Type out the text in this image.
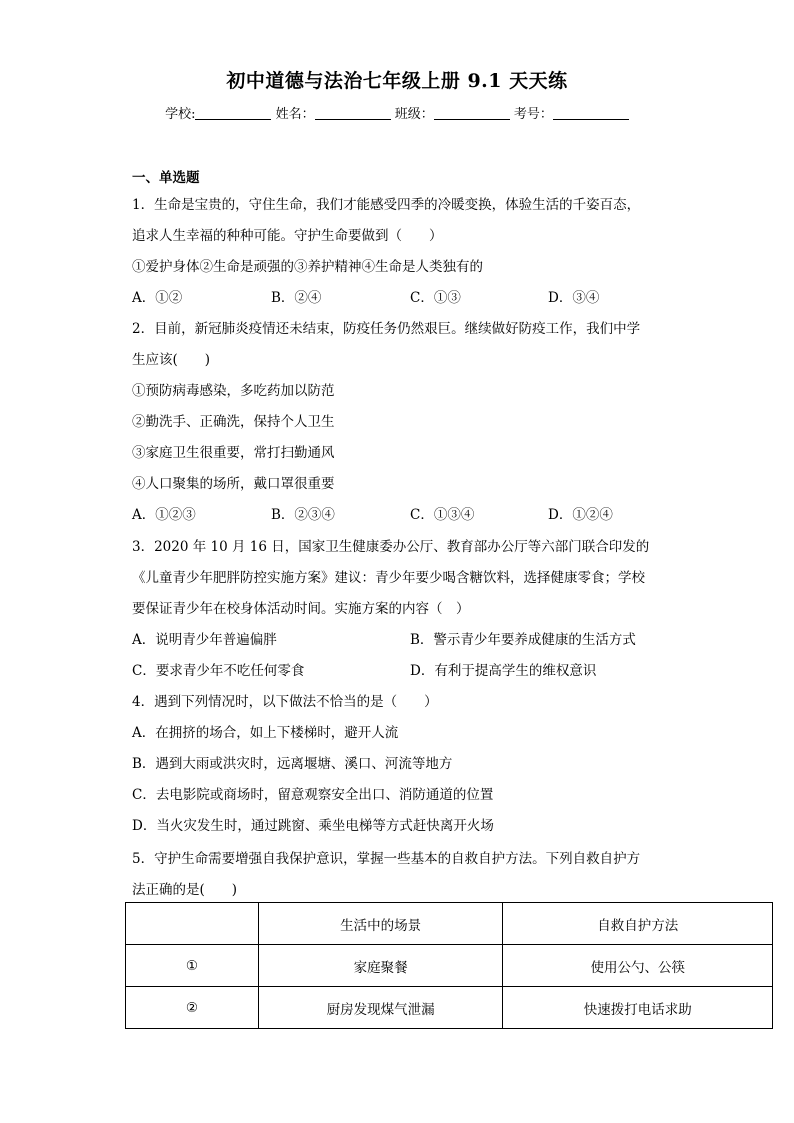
初中道德与法治七年级上册 9.1 天天练
学校:	姓名：	班级：	考号：
一、单选题
1．生命是宝贵的，守住生命，我们才能感受四季的冷暖变换，体验生活的千姿百态，
追求人生幸福的种种可能。守护生命要做到（　　）
①爱护身体②生命是顽强的③养护精神④生命是人类独有的
A．①②	B．②④	C．①③	D．③④
2．目前，新冠肺炎疫情还未结束，防疫任务仍然艰巨。继续做好防疫工作，我们中学
生应该(　　)
①预防病毒感染，多吃药加以防范
②勤洗手、正确洗，保持个人卫生
③家庭卫生很重要，常打扫勤通风
④人口聚集的场所，戴口罩很重要
A．①②③	B．②③④	C．①③④	D．①②④
3．2020 年 10 月 16 日，国家卫生健康委办公厅、教育部办公厅等六部门联合印发的
《儿童青少年肥胖防控实施方案》建议：青少年要少喝含糖饮料，选择健康零食；学校
要保证青少年在校身体活动时间。实施方案的内容（　）
A．说明青少年普遍偏胖	B．警示青少年要养成健康的生活方式
C．要求青少年不吃任何零食	D．有利于提高学生的维权意识
4．遇到下列情况时，以下做法不恰当的是（　　）
A．在拥挤的场合，如上下楼梯时，避开人流
B．遇到大雨或洪灾时，远离堰塘、溪口、河流等地方
C．去电影院或商场时，留意观察安全出口、消防通道的位置
D．当火灾发生时，通过跳窗、乘坐电梯等方式赶快离开火场
5．守护生命需要增强自我保护意识，掌握一些基本的自救自护方法。下列自救自护方
法正确的是(　　)
	生活中的场景	自救自护方法
①	家庭聚餐	使用公勺、公筷
②	厨房发现煤气泄漏	快速拨打电话求助
